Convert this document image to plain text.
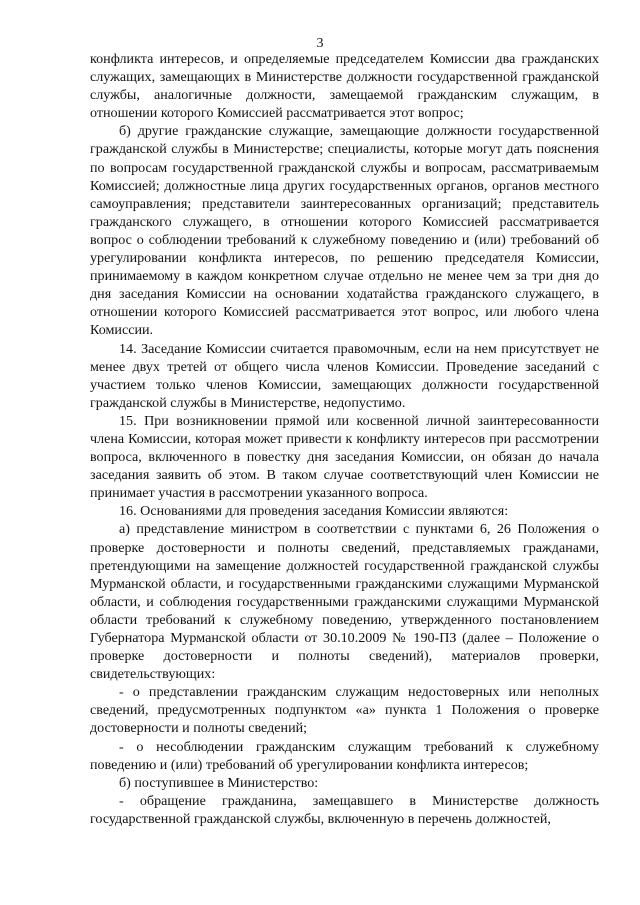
3

конфликта интересов, и определяемые председателем Комиссии два гражданских служащих, замещающих в Министерстве должности государственной гражданской службы, аналогичные должности, замещаемой гражданским служащим, в отношении которого Комиссией рассматривается этот вопрос;

б) другие гражданские служащие, замещающие должности государственной гражданской службы в Министерстве; специалисты, которые могут дать пояснения по вопросам государственной гражданской службы и вопросам, рассматриваемым Комиссией; должностные лица других государственных органов, органов местного самоуправления; представители заинтересованных организаций; представитель гражданского служащего, в отношении которого Комиссией рассматривается вопрос о соблюдении требований к служебному поведению и (или) требований об урегулировании конфликта интересов, по решению председателя Комиссии, принимаемому в каждом конкретном случае отдельно не менее чем за три дня до дня заседания Комиссии на основании ходатайства гражданского служащего, в отношении которого Комиссией рассматривается этот вопрос, или любого члена Комиссии.

14. Заседание Комиссии считается правомочным, если на нем присутствует не менее двух третей от общего числа членов Комиссии. Проведение заседаний с участием только членов Комиссии, замещающих должности государственной гражданской службы в Министерстве, недопустимо.

15. При возникновении прямой или косвенной личной заинтересованности члена Комиссии, которая может привести к конфликту интересов при рассмотрении вопроса, включенного в повестку дня заседания Комиссии, он обязан до начала заседания заявить об этом. В таком случае соответствующий член Комиссии не принимает участия в рассмотрении указанного вопроса.

16. Основаниями для проведения заседания Комиссии являются:

а) представление министром в соответствии с пунктами 6, 26 Положения о проверке достоверности и полноты сведений, представляемых гражданами, претендующими на замещение должностей государственной гражданской службы Мурманской области, и государственными гражданскими служащими Мурманской области, и соблюдения государственными гражданскими служащими Мурманской области требований к служебному поведению, утвержденного постановлением Губернатора Мурманской области от 30.10.2009 № 190-ПЗ (далее – Положение о проверке достоверности и полноты сведений), материалов проверки, свидетельствующих:

- о представлении гражданским служащим недостоверных или неполных сведений, предусмотренных подпунктом «а» пункта 1 Положения о проверке достоверности и полноты сведений;

- о несоблюдении гражданским служащим требований к служебному поведению и (или) требований об урегулировании конфликта интересов;

б) поступившее в Министерство:

- обращение гражданина, замещавшего в Министерстве должность государственной гражданской службы, включенную в перечень должностей,
